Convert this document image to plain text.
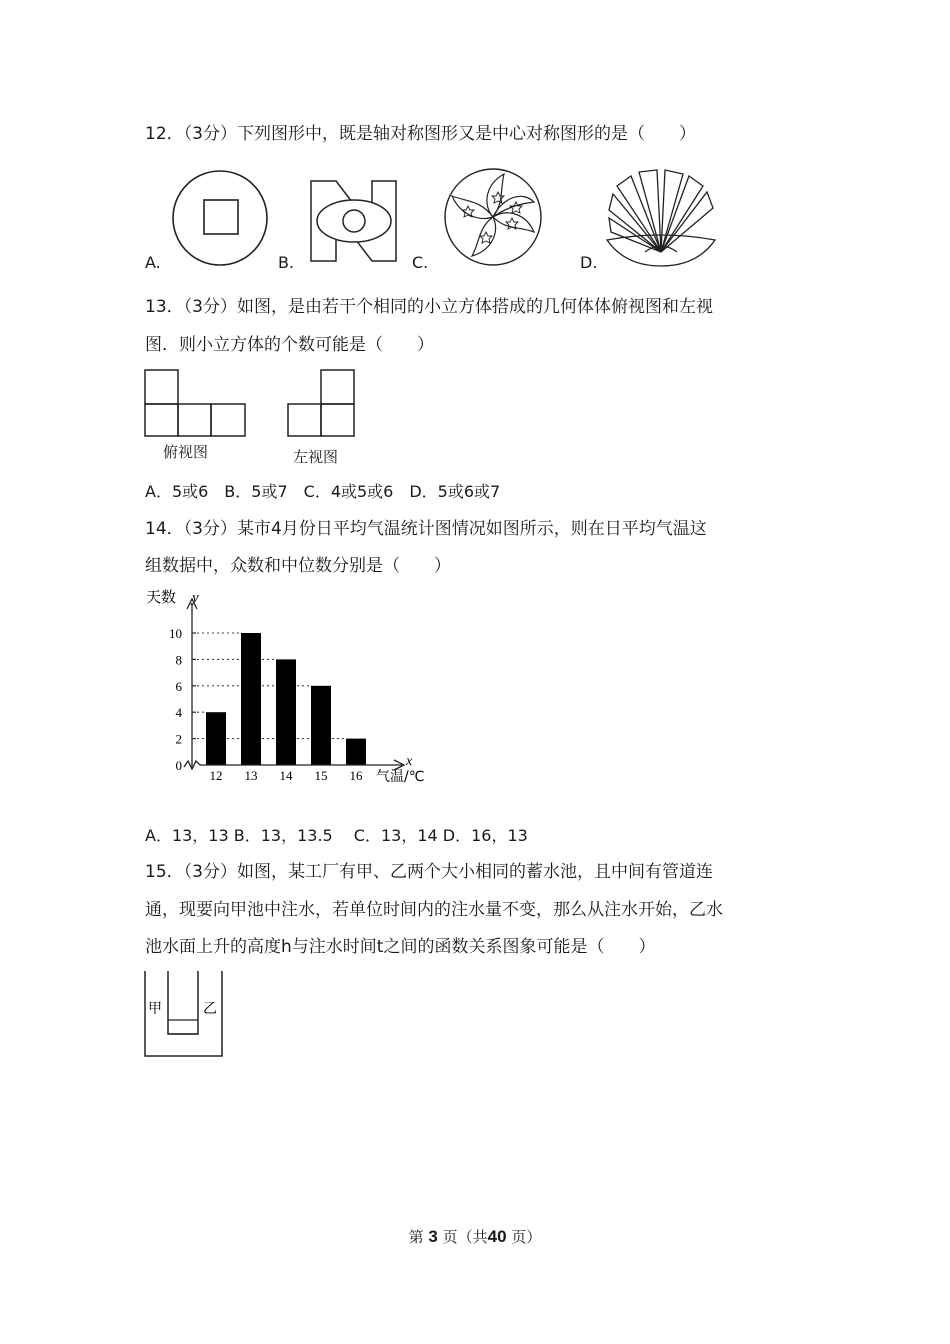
12．（3分）下列图形中，既是轴对称图形又是中心对称图形的是（　　）
A.	B.	C.	D.
13．（3分）如图，是由若干个相同的小立方体搭成的几何体体俯视图和左视
图．则小立方体的个数可能是（　　）
俯视图	左视图
A．5或6　B．5或7　C．4或5或6　D．5或6或7
14．（3分）某市4月份日平均气温统计图情况如图所示，则在日平均气温这
组数据中，众数和中位数分别是（　　）
天数 y
x
气温/℃
0
2
4
6
8
10
12 13 14 15 16
A．13，13 B．13，13.5　 C．13，14 D．16，13
15．（3分）如图，某工厂有甲、乙两个大小相同的蓄水池，且中间有管道连
通，现要向甲池中注水，若单位时间内的注水量不变，那么从注水开始，乙水
池水面上升的高度h与注水时间t之间的函数关系图象可能是（　　）
甲	乙
第 3 页（共40 页）
